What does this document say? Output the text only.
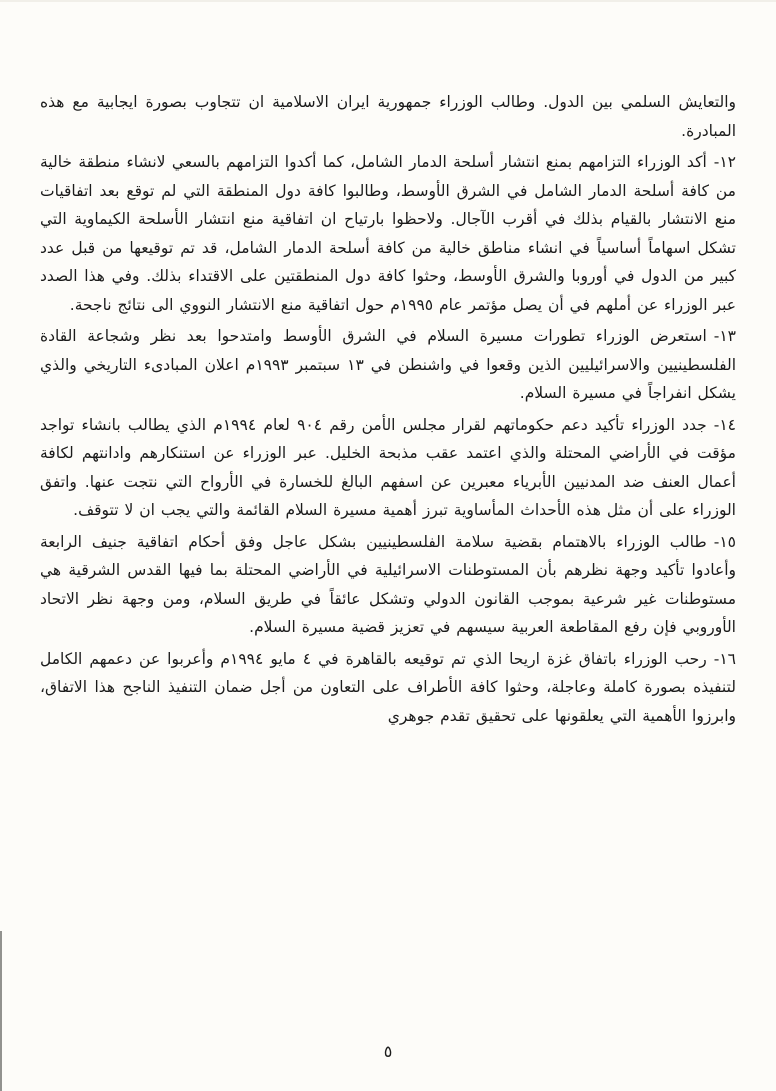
والتعايش السلمي بين الدول. وطالب الوزراء جمهورية ايران الاسلامية ان تتجاوب بصورة ايجابية مع هذه المبادرة.

١٢-أكد الوزراء التزامهم بمنع انتشار أسلحة الدمار الشامل، كما أكدوا التزامهم بالسعي لانشاء منطقة خالية من كافة أسلحة الدمار الشامل في الشرق الأوسط، وطالبوا كافة دول المنطقة التي لم توقع بعد اتفاقيات منع الانتشار بالقيام بذلك في أقرب الآجال. ولاحظوا بارتياح ان اتفاقية منع انتشار الأسلحة الكيماوية التي تشكل اسهاماً أساسياً في انشاء مناطق خالية من كافة أسلحة الدمار الشامل، قد تم توقيعها من قبل عدد كبير من الدول في أوروبا والشرق الأوسط، وحثوا كافة دول المنطقتين على الاقتداء بذلك. وفي هذا الصدد عبر الوزراء عن أملهم في أن يصل مؤتمر عام ١٩٩٥م حول اتفاقية منع الانتشار النووي الى نتائج ناجحة.

١٣-استعرض الوزراء تطورات مسيرة السلام في الشرق الأوسط وامتدحوا بعد نظر وشجاعة القادة الفلسطينيين والاسرائيليين الذين وقعوا في واشنطن في ١٣ سبتمبر ١٩٩٣م اعلان المبادىء التاريخي والذي يشكل انفراجاً في مسيرة السلام.

١٤-جدد الوزراء تأكيد دعم حكوماتهم لقرار مجلس الأمن رقم ٩٠٤ لعام ١٩٩٤م الذي يطالب بانشاء تواجد مؤقت في الأراضي المحتلة والذي اعتمد عقب مذبحة الخليل. عبر الوزراء عن استنكارهم وادانتهم لكافة أعمال العنف ضد المدنيين الأبرياء معبرين عن اسفهم البالغ للخسارة في الأرواح التي نتجت عنها. واتفق الوزراء على أن مثل هذه الأحداث المأساوية تبرز أهمية مسيرة السلام القائمة والتي يجب ان لا تتوقف.

١٥-طالب الوزراء بالاهتمام بقضية سلامة الفلسطينيين بشكل عاجل وفق أحكام اتفاقية جنيف الرابعة وأعادوا تأكيد وجهة نظرهم بأن المستوطنات الاسرائيلية في الأراضي المحتلة بما فيها القدس الشرقية هي مستوطنات غير شرعية بموجب القانون الدولي وتشكل عائقاً في طريق السلام، ومن وجهة نظر الاتحاد الأوروبي فإن رفع المقاطعة العربية سيسهم في تعزيز قضية مسيرة السلام.

١٦-رحب الوزراء باتفاق غزة اريحا الذي تم توقيعه بالقاهرة في ٤ مايو ١٩٩٤م وأعربوا عن دعمهم الكامل لتنفيذه بصورة كاملة وعاجلة، وحثوا كافة الأطراف على التعاون من أجل ضمان التنفيذ الناجح هذا الاتفاق، وابرزوا الأهمية التي يعلقونها على تحقيق تقدم جوهري

٥
